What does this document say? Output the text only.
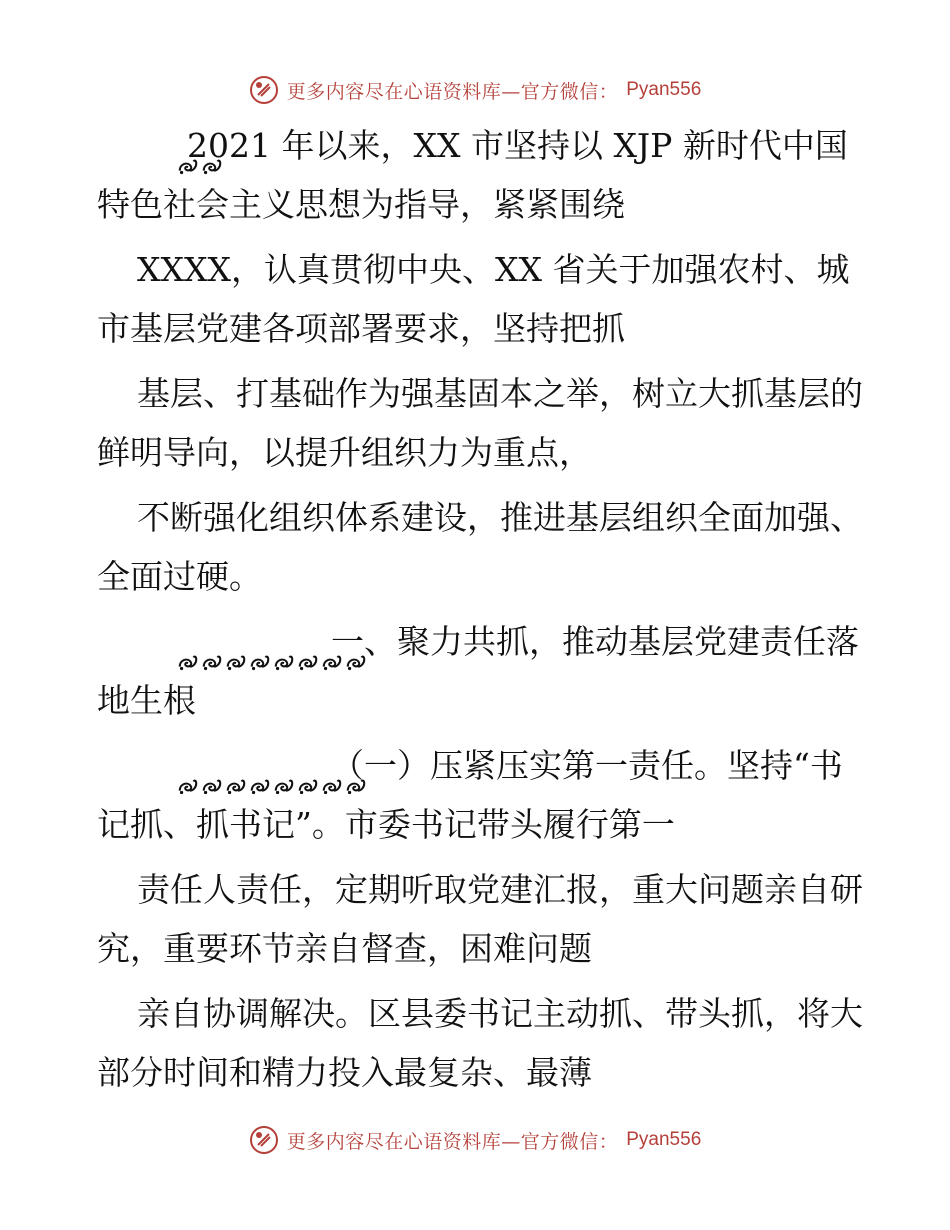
更多内容尽在心语资料库—官方微信： Pyan556

2021 年以来，XX 市坚持以 XJP 新时代中国特色社会主义思想为指导，紧紧围绕

XXXX，认真贯彻中央、XX 省关于加强农村、城市基层党建各项部署要求，坚持把抓

基层、打基础作为强基固本之举，树立大抓基层的鲜明导向，以提升组织力为重点，

不断强化组织体系建设，推进基层组织全面加强、全面过硬。

一、聚力共抓，推动基层党建责任落地生根

（一）压紧压实第一责任。坚持“书记抓、抓书记”。市委书记带头履行第一

责任人责任，定期听取党建汇报，重大问题亲自研究，重要环节亲自督查，困难问题

亲自协调解决。区县委书记主动抓、带头抓，将大部分时间和精力投入最复杂、最薄

更多内容尽在心语资料库—官方微信： Pyan556
